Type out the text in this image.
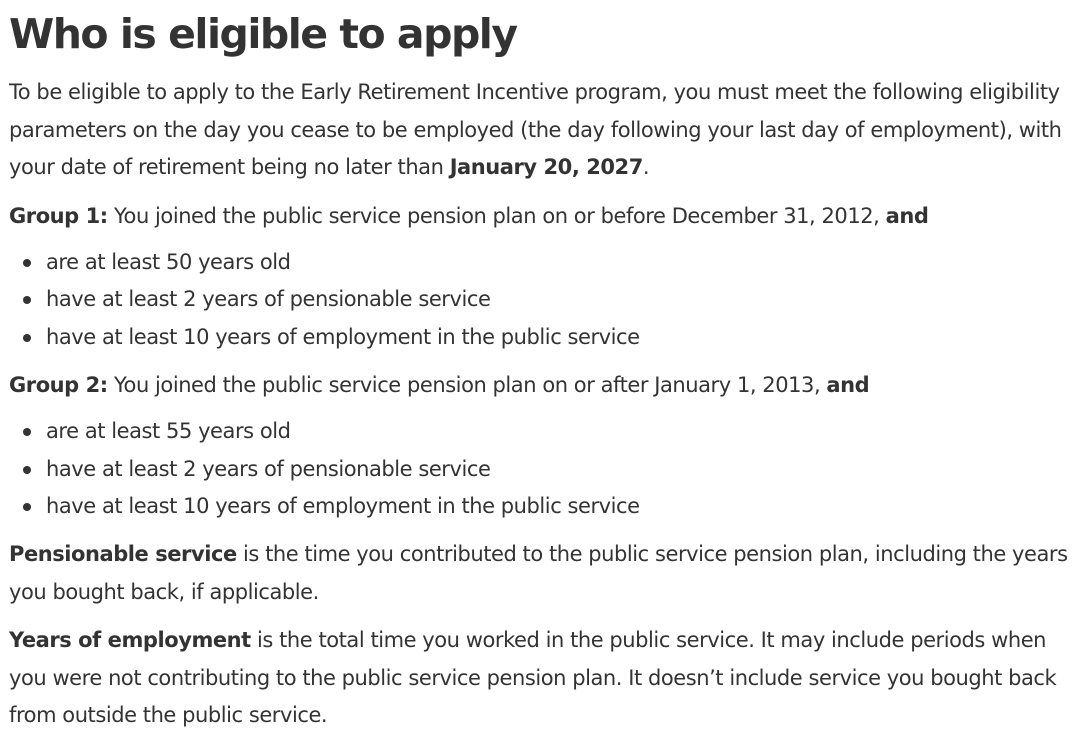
Who is eligible to apply

To be eligible to apply to the Early Retirement Incentive program, you must meet the following eligibility parameters on the day you cease to be employed (the day following your last day of employment), with your date of retirement being no later than January 20, 2027.

Group 1: You joined the public service pension plan on or before December 31, 2012, and

are at least 50 years old
have at least 2 years of pensionable service
have at least 10 years of employment in the public service

Group 2: You joined the public service pension plan on or after January 1, 2013, and

are at least 55 years old
have at least 2 years of pensionable service
have at least 10 years of employment in the public service

Pensionable service is the time you contributed to the public service pension plan, including the years you bought back, if applicable.

Years of employment is the total time you worked in the public service. It may include periods when you were not contributing to the public service pension plan. It doesn’t include service you bought back from outside the public service.
